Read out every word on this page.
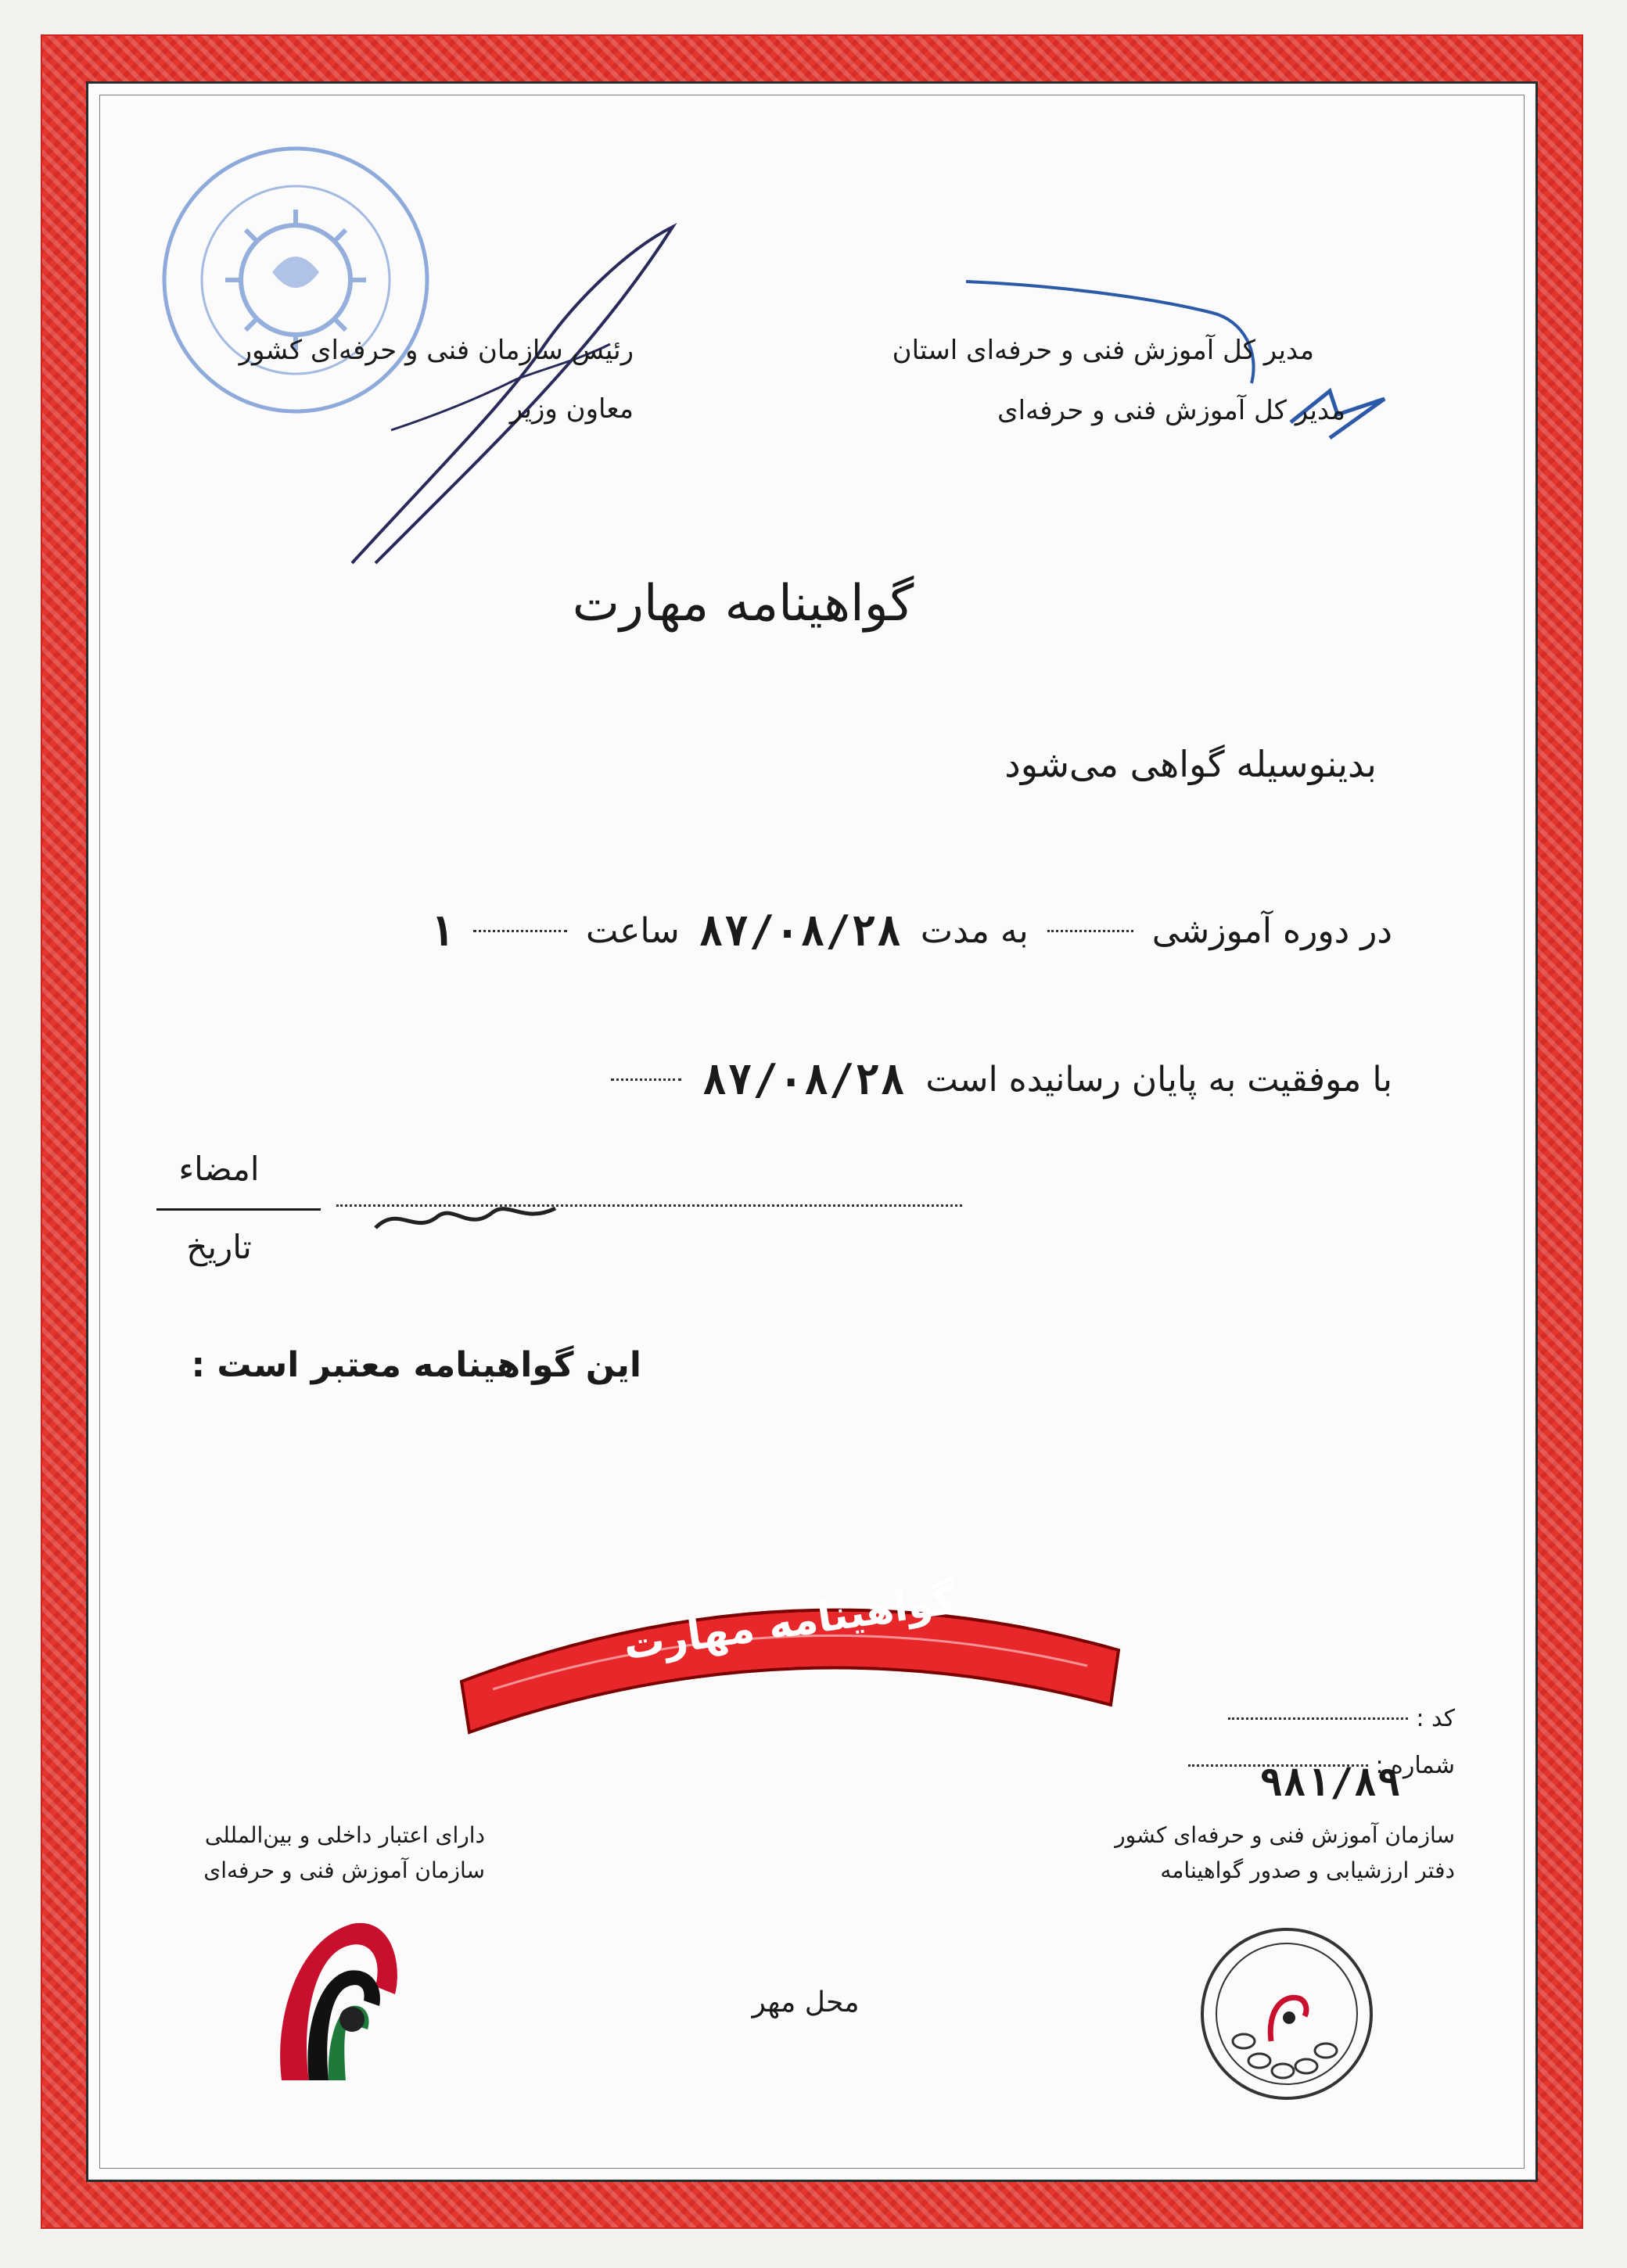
رئیس سازمان فنی و حرفه‌ای کشور
معاون وزیر
مدیر کل آموزش فنی و حرفه‌ای استان
مدیر کل آموزش فنی و حرفه‌ای
گواهینامه مهارت
بدینوسیله گواهی می‌شود
در دوره آموزشی
به مدت
۸۷/۰۸/۲۸
ساعت
۱
با موفقیت به پایان رسانیده است
۸۷/۰۸/۲۸
امضاء
تاریخ
این گواهینامه معتبر است :
گواهینامه مهارت
کد :
شماره :
۹۸۱/۸۹
سازمان آموزش فنی و حرفه‌ای کشور
دفتر ارزشیابی و صدور گواهینامه
دارای اعتبار داخلی و بین‌المللی
سازمان آموزش فنی و حرفه‌ای
محل مهر
